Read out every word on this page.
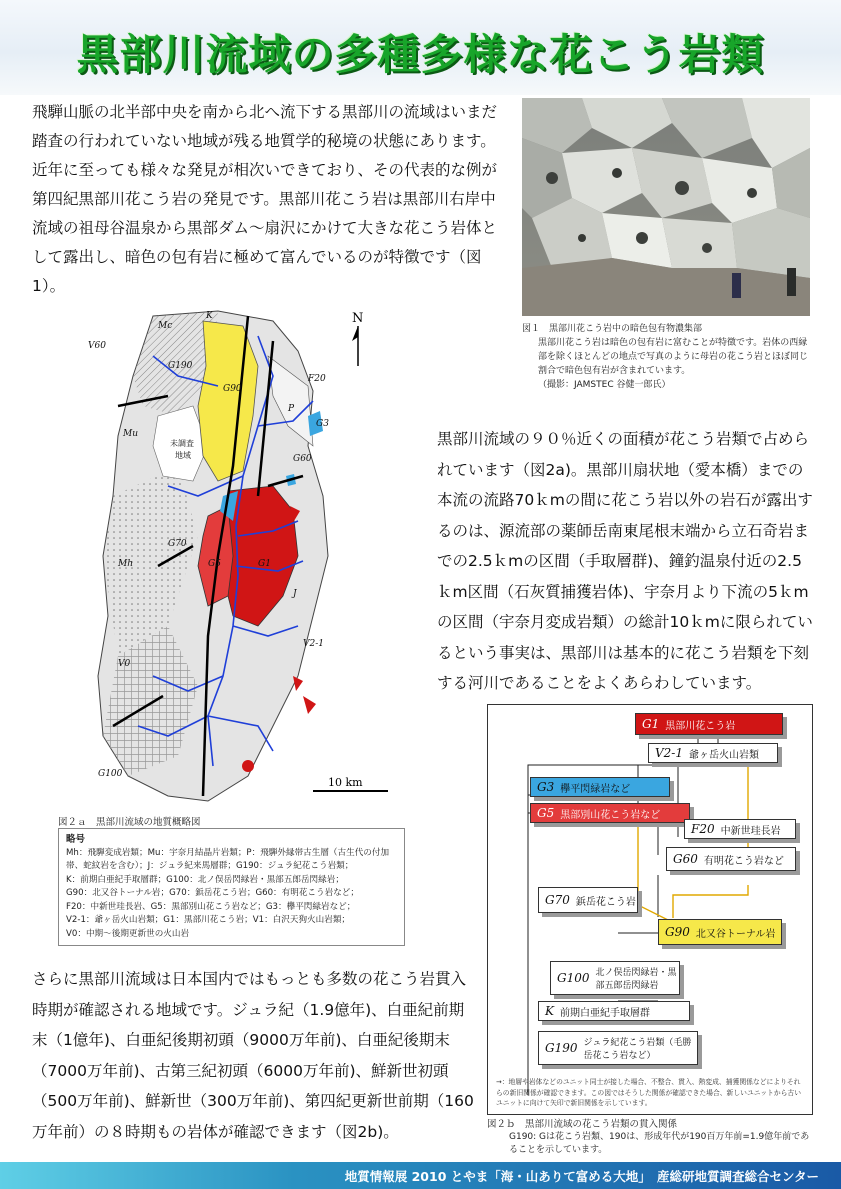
黒部川流域の多種多様な花こう岩類
飛騨山脈の北半部中央を南から北へ流下する黒部川の流域はいまだ踏査の行われていない地域が残る地質学的秘境の状態にあります。近年に至っても様々な発見が相次いできており、その代表的な例が第四紀黒部川花こう岩の発見です。黒部川花こう岩は黒部川右岸中流域の祖母谷温泉から黒部ダム～扇沢にかけて大きな花こう岩体として露出し、暗色の包有岩に極めて富んでいるのが特徴です（図1）。
図１　黒部川花こう岩中の暗色包有物濃集部
黒部川花こう岩は暗色の包有岩に富むことが特徴です。岩体の西縁部を除くほとんどの地点で写真のように母岩の花こう岩とほぼ同じ割合で暗色包有岩が含まれています。
（撮影：JAMSTEC 谷健一郎氏）
N
10 km
K
Mc
V60
G190
G90
F20
P
Mu
G60
G70
G1
G3
G5
V2-1
V0
Mh
G100
J
未調査
地域
図２ａ　黒部川流域の地質概略図
略号
Mh：飛騨変成岩類；Mu：宇奈月結晶片岩類；P：飛騨外縁帯古生層（古生代の付加帯、蛇紋岩を含む）；J：ジュラ紀来馬層群；G190：ジュラ紀花こう岩類；
K：前期白亜紀手取層群；G100：北ノ俣岳閃緑岩・黒部五郎岳閃緑岩；
G90：北又谷トーナル岩；G70：鋲岳花こう岩；G60：有明花こう岩など；
F20：中新世珪長岩、G5：黒部別山花こう岩など；G3：欅平閃緑岩など；
V2-1：爺ヶ岳火山岩類；G1：黒部川花こう岩；V1：白沢天狗火山岩類；
V0：中期～後期更新世の火山岩
黒部川流域の９０％近くの面積が花こう岩類で占められています（図2a)。黒部川扇状地（愛本橋）までの本流の流路70ｋmの間に花こう岩以外の岩石が露出するのは、源流部の薬師岳南東尾根末端から立石奇岩までの2.5ｋmの区間（手取層群)、鐘釣温泉付近の2.5ｋm区間（石灰質捕獲岩体)、宇奈月より下流の5ｋmの区間（宇奈月変成岩類）の総計10ｋmに限られているという事実は、黒部川は基本的に花こう岩類を下刻する河川であることをよくあらわしています。
G1 黒部川花こう岩
V2-1 爺ヶ岳火山岩類
G3 欅平閃緑岩など
G5 黒部別山花こう岩など
F20 中新世珪長岩
G60 有明花こう岩など
G70 鋲岳花こう岩
G90 北又谷トーナル岩
G100 北ノ俣岳閃緑岩・黒部五郎岳閃緑岩
K 前期白亜紀手取層群
G190 ジュラ紀花こう岩類（毛勝岳花こう岩など）
→：地層や岩体などのユニット同士が接した場合、不整合、貫入、熱変成、捕獲関係などによりそれらの新旧関係が確認できます。この図ではそうした関係が確認できた場合、新しいユニットから古いユニットに向けて矢印で新旧関係を示しています。
図２ｂ　黒部川流域の花こう岩類の貫入関係
G190: Gは花こう岩類、190は、形成年代が190百万年前=1.9億年前であることを示しています。
さらに黒部川流域は日本国内ではもっとも多数の花こう岩貫入時期が確認される地域です。ジュラ紀（1.9億年)、白亜紀前期末（1億年)、白亜紀後期初頭（9000万年前)、白亜紀後期末（7000万年前)、古第三紀初頭（6000万年前)、鮮新世初頭（500万年前)、鮮新世（300万年前)、第四紀更新世前期（160万年前）の８時期もの岩体が確認できます（図2b)。
地質情報展 2010 とやま「海・山ありて富める大地」　産総研地質調査総合センター
